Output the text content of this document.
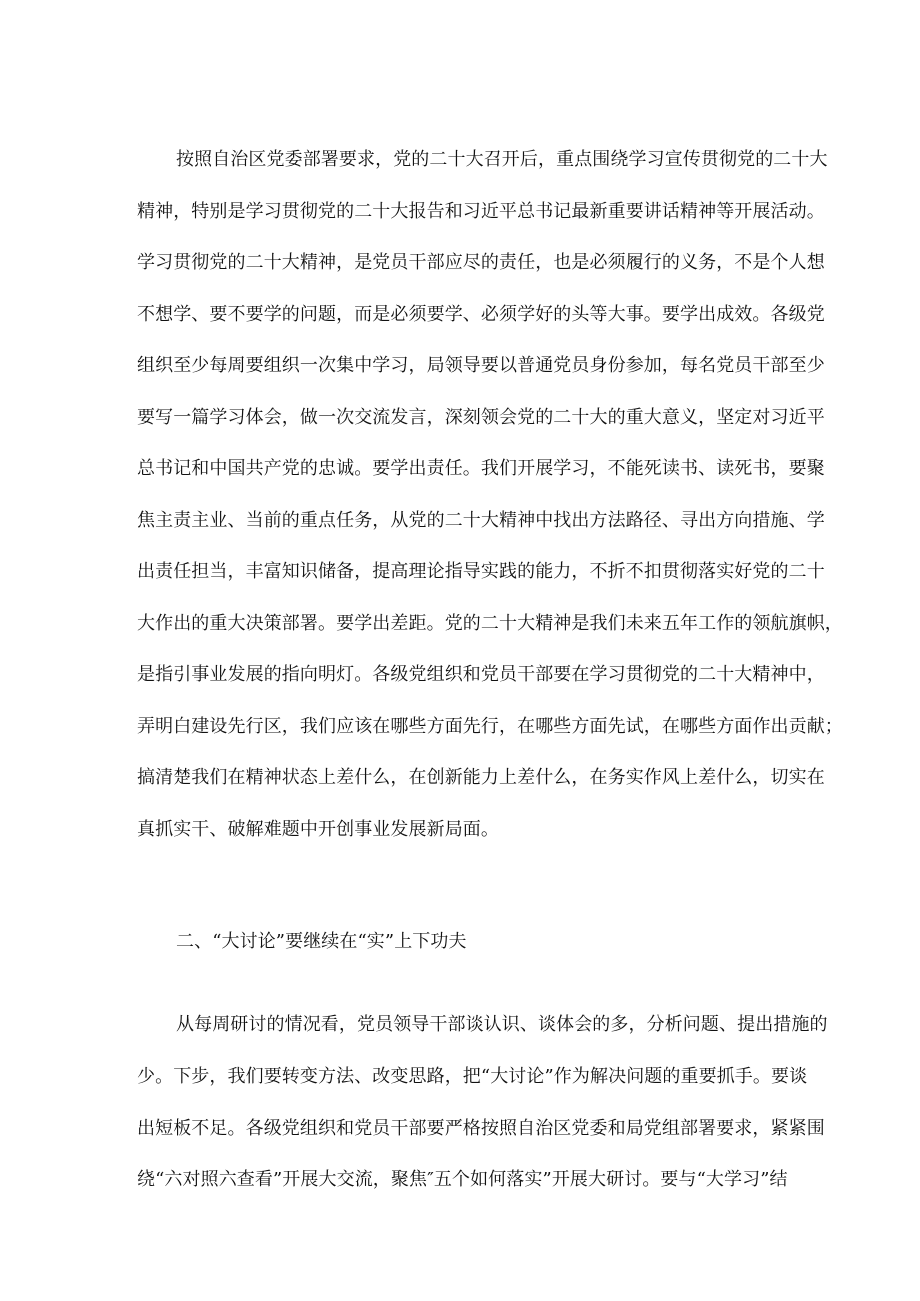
按照自治区党委部署要求，党的二十大召开后，重点围绕学习宣传贯彻党的二十大
精神，特别是学习贯彻党的二十大报告和习近平总书记最新重要讲话精神等开展活动。
学习贯彻党的二十大精神，是党员干部应尽的责任，也是必须履行的义务，不是个人想
不想学、要不要学的问题，而是必须要学、必须学好的头等大事。要学出成效。各级党
组织至少每周要组织一次集中学习，局领导要以普通党员身份参加，每名党员干部至少
要写一篇学习体会，做一次交流发言，深刻领会党的二十大的重大意义，坚定对习近平
总书记和中国共产党的忠诚。要学出责任。我们开展学习，不能死读书、读死书，要聚
焦主责主业、当前的重点任务，从党的二十大精神中找出方法路径、寻出方向措施、学
出责任担当，丰富知识储备，提高理论指导实践的能力，不折不扣贯彻落实好党的二十
大作出的重大决策部署。要学出差距。党的二十大精神是我们未来五年工作的领航旗帜，
是指引事业发展的指向明灯。各级党组织和党员干部要在学习贯彻党的二十大精神中，
弄明白建设先行区，我们应该在哪些方面先行，在哪些方面先试，在哪些方面作出贡献；
搞清楚我们在精神状态上差什么，在创新能力上差什么，在务实作风上差什么，切实在
真抓实干、破解难题中开创事业发展新局面。
二、“大讨论”要继续在“实”上下功夫
从每周研讨的情况看，党员领导干部谈认识、谈体会的多，分析问题、提出措施的
少。下步，我们要转变方法、改变思路，把“大讨论”作为解决问题的重要抓手。要谈
出短板不足。各级党组织和党员干部要严格按照自治区党委和局党组部署要求，紧紧围
绕“六对照六查看”开展大交流，聚焦″五个如何落实”开展大研讨。要与“大学习”结
